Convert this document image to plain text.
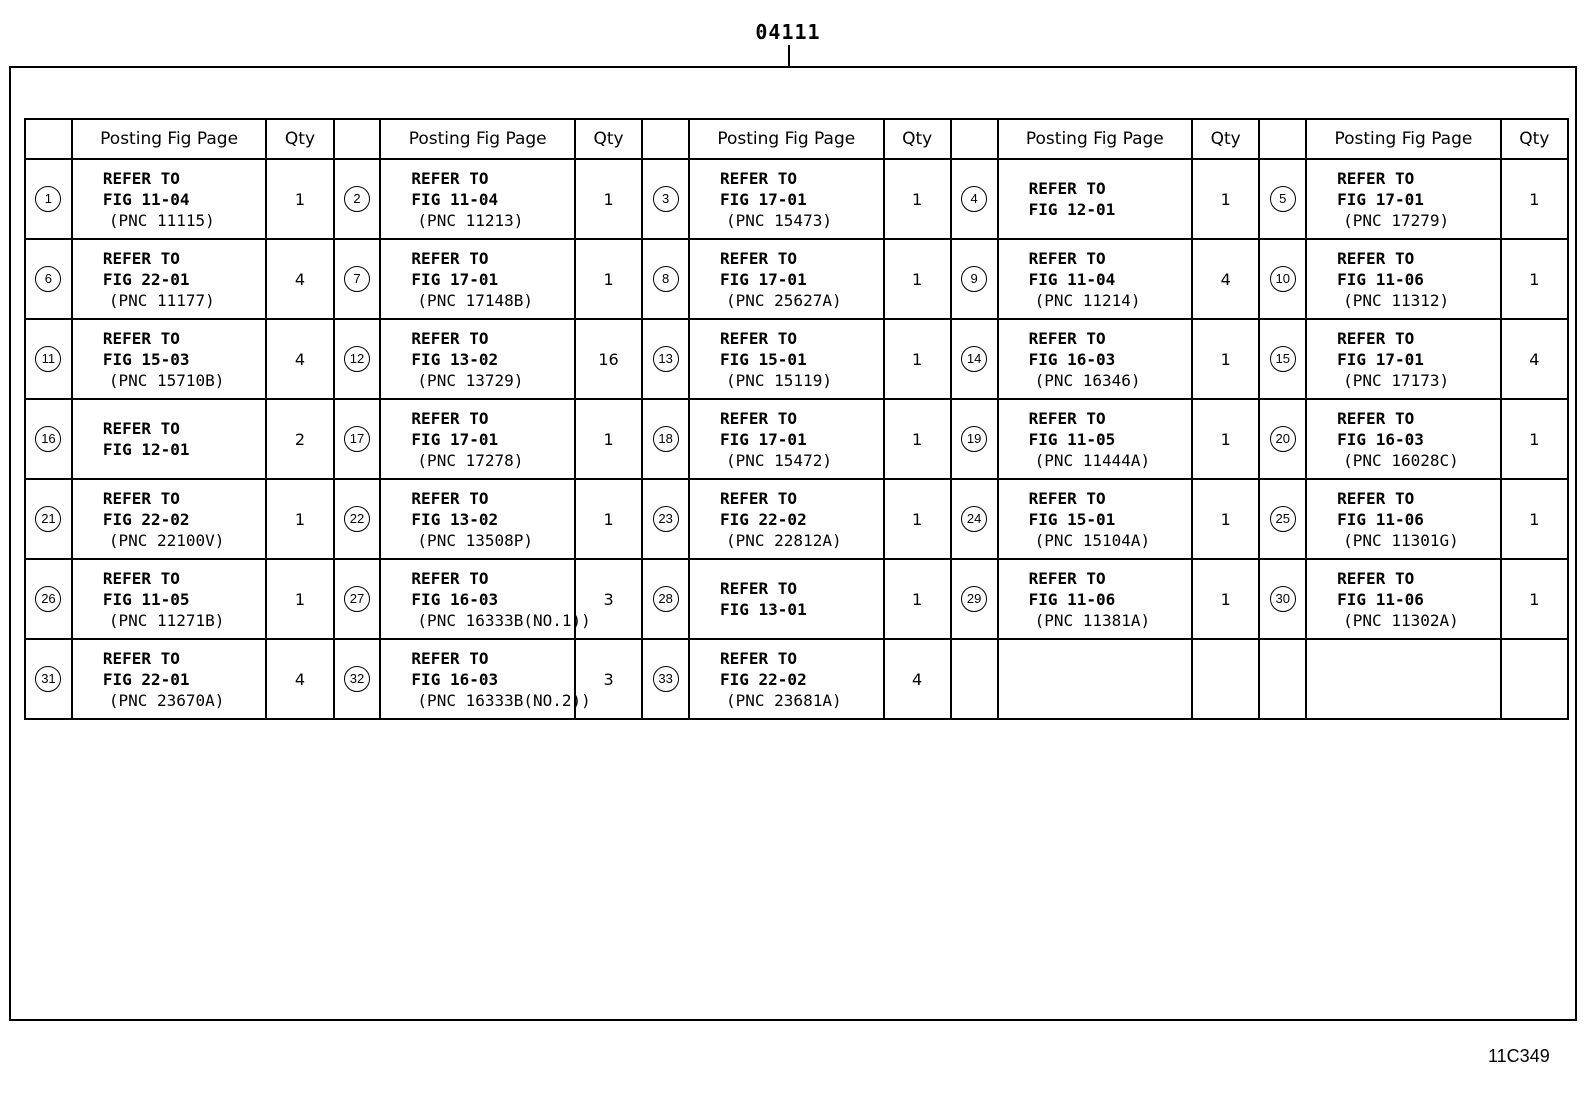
04111
	Posting Fig Page	Qty		Posting Fig Page	Qty		Posting Fig Page	Qty		Posting Fig Page	Qty		Posting Fig Page	Qty
1	REFER TO
FIG 11-04
(PNC 11115)	1	2	REFER TO
FIG 11-04
(PNC 11213)	1	3	REFER TO
FIG 17-01
(PNC 15473)	1	4	REFER TO
FIG 12-01	1	5	REFER TO
FIG 17-01
(PNC 17279)	1
6	REFER TO
FIG 22-01
(PNC 11177)	4	7	REFER TO
FIG 17-01
(PNC 17148B)	1	8	REFER TO
FIG 17-01
(PNC 25627A)	1	9	REFER TO
FIG 11-04
(PNC 11214)	4	10	REFER TO
FIG 11-06
(PNC 11312)	1
11	REFER TO
FIG 15-03
(PNC 15710B)	4	12	REFER TO
FIG 13-02
(PNC 13729)	16	13	REFER TO
FIG 15-01
(PNC 15119)	1	14	REFER TO
FIG 16-03
(PNC 16346)	1	15	REFER TO
FIG 17-01
(PNC 17173)	4
16	REFER TO
FIG 12-01	2	17	REFER TO
FIG 17-01
(PNC 17278)	1	18	REFER TO
FIG 17-01
(PNC 15472)	1	19	REFER TO
FIG 11-05
(PNC 11444A)	1	20	REFER TO
FIG 16-03
(PNC 16028C)	1
21	REFER TO
FIG 22-02
(PNC 22100V)	1	22	REFER TO
FIG 13-02
(PNC 13508P)	1	23	REFER TO
FIG 22-02
(PNC 22812A)	1	24	REFER TO
FIG 15-01
(PNC 15104A)	1	25	REFER TO
FIG 11-06
(PNC 11301G)	1
26	REFER TO
FIG 11-05
(PNC 11271B)	1	27	REFER TO
FIG 16-03
(PNC 16333B(NO.1))	3	28	REFER TO
FIG 13-01	1	29	REFER TO
FIG 11-06
(PNC 11381A)	1	30	REFER TO
FIG 11-06
(PNC 11302A)	1
31	REFER TO
FIG 22-01
(PNC 23670A)	4	32	REFER TO
FIG 16-03
(PNC 16333B(NO.2))	3	33	REFER TO
FIG 22-02
(PNC 23681A)	4						
11C349
